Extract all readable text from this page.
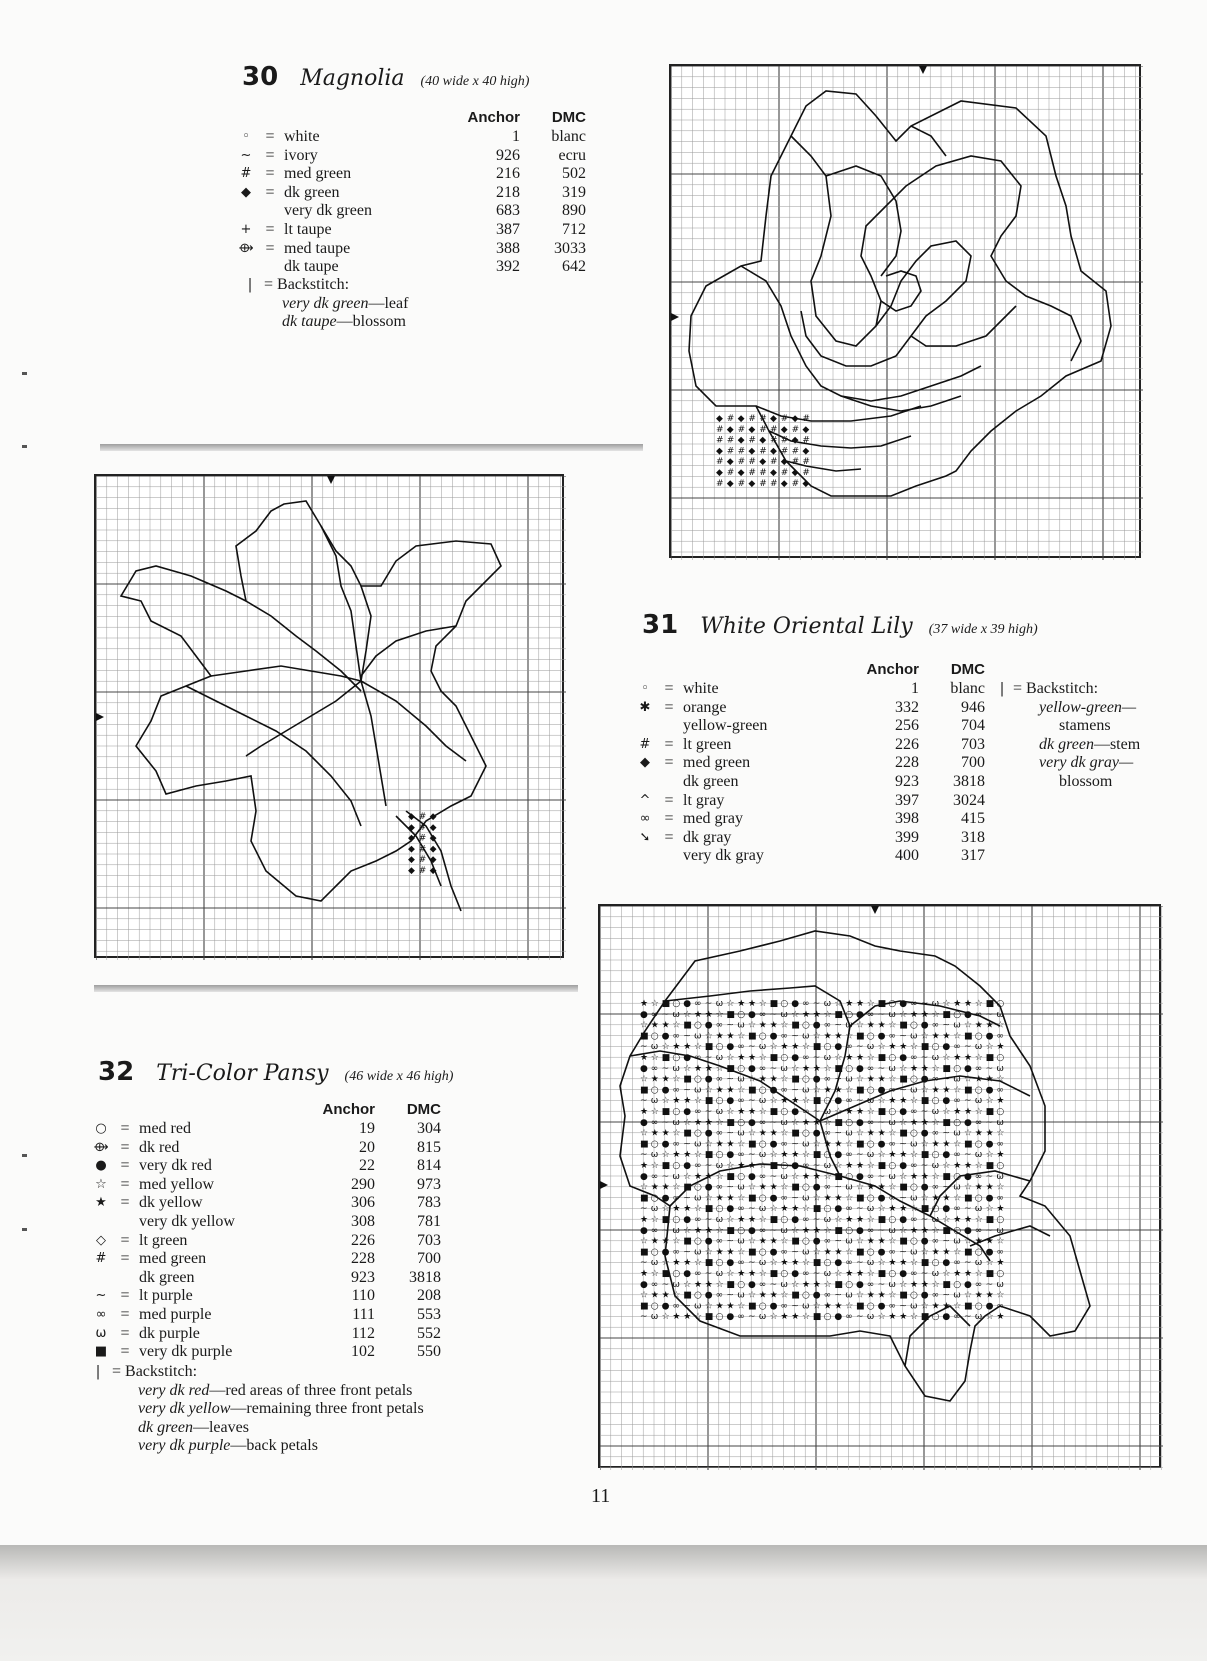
30 Magnolia (40 wide x 40 high)
			Anchor	DMC
◦	=	white	1	blanc
~	=	ivory	926	ecru
#	=	med green	216	502
◆	=	dk green	218	319
		very dk green	683	890
+	=	lt taupe	387	712
⟴	=	med taupe	388	3033
		dk taupe	392	642
| = Backstitch:
very dk green—leaf
dk taupe—blossom
◆ # ◆ # # ◆ # ◆ #
# ◆ # ◆ # # ◆ # ◆
# # ◆ # ◆ # # ◆ #
◆ # # ◆ # ◆ # # ◆
# ◆ # # ◆ # ◆ # #
◆ # ◆ # # ◆ # ◆ #
# ◆ # ◆ # # ◆ # ◆
31 White Oriental Lily (37 wide x 39 high)
			Anchor	DMC
◦	=	white	1	blanc
✱	=	orange	332	946
		yellow-green	256	704
#	=	lt green	226	703
◆	=	med green	228	700
		dk green	923	3818
^	=	lt gray	397	3024
∞	=	med gray	398	415
➘	=	dk gray	399	318
		very dk gray	400	317
| = Backstitch:
yellow-green—
stamens
dk green—stem
very dk gray—
blossom
◆ # ◆
◆ # ◆
◆ # ◆
◆ # ◆
◆ # ◆
◆ # ◆
32 Tri-Color Pansy (46 wide x 46 high)
			Anchor	DMC
○	=	med red	19	304
⟴	=	dk red	20	815
●	=	very dk red	22	814
☆	=	med yellow	290	973
★	=	dk yellow	306	783
		very dk yellow	308	781
◇	=	lt green	226	703
#	=	med green	228	700
		dk green	923	3818
~	=	lt purple	110	208
∞	=	med purple	111	553
ω	=	dk purple	112	552
■	=	very dk purple	102	550
| = Backstitch:
very dk red—red areas of three front petals
very dk yellow—remaining three front petals
dk green—leaves
very dk purple—back petals
★ ☆ ■ ○ ● ∞ ~ ω ☆ ★ ★ ☆ ■ ○ ● ∞ ~ ω ☆ ★ ★ ☆ ■ ○ ● ∞ ~ ω ☆ ★ ★ ☆ ■ ○
● ∞ ~ ω ☆ ★ ★ ☆ ■ ○ ● ∞ ~ ω ☆ ★ ★ ☆ ■ ○ ● ∞ ~ ω ☆ ★ ★ ☆ ■ ○ ● ∞ ~ ω
☆ ★ ★ ☆ ■ ○ ● ∞ ~ ω ☆ ★ ★ ☆ ■ ○ ● ∞ ~ ω ☆ ★ ★ ☆ ■ ○ ● ∞ ~ ω ☆ ★ ★ ☆
■ ○ ● ∞ ~ ω ☆ ★ ★ ☆ ■ ○ ● ∞ ~ ω ☆ ★ ★ ☆ ■ ○ ● ∞ ~ ω ☆ ★ ★ ☆ ■ ○ ● ∞
~ ω ☆ ★ ★ ☆ ■ ○ ● ∞ ~ ω ☆ ★ ★ ☆ ■ ○ ● ∞ ~ ω ☆ ★ ★ ☆ ■ ○ ● ∞ ~ ω ☆ ★
★ ☆ ■ ○ ● ∞ ~ ω ☆ ★ ★ ☆ ■ ○ ● ∞ ~ ω ☆ ★ ★ ☆ ■ ○ ● ∞ ~ ω ☆ ★ ★ ☆ ■ ○
● ∞ ~ ω ☆ ★ ★ ☆ ■ ○ ● ∞ ~ ω ☆ ★ ★ ☆ ■ ○ ● ∞ ~ ω ☆ ★ ★ ☆ ■ ○ ● ∞ ~ ω
☆ ★ ★ ☆ ■ ○ ● ∞ ~ ω ☆ ★ ★ ☆ ■ ○ ● ∞ ~ ω ☆ ★ ★ ☆ ■ ○ ● ∞ ~ ω ☆ ★ ★ ☆
■ ○ ● ∞ ~ ω ☆ ★ ★ ☆ ■ ○ ● ∞ ~ ω ☆ ★ ★ ☆ ■ ○ ● ∞ ~ ω ☆ ★ ★ ☆ ■ ○ ● ∞
~ ω ☆ ★ ★ ☆ ■ ○ ● ∞ ~ ω ☆ ★ ★ ☆ ■ ○ ● ∞ ~ ω ☆ ★ ★ ☆ ■ ○ ● ∞ ~ ω ☆ ★
★ ☆ ■ ○ ● ∞ ~ ω ☆ ★ ★ ☆ ■ ○ ● ∞ ~ ω ☆ ★ ★ ☆ ■ ○ ● ∞ ~ ω ☆ ★ ★ ☆ ■ ○
● ∞ ~ ω ☆ ★ ★ ☆ ■ ○ ● ∞ ~ ω ☆ ★ ★ ☆ ■ ○ ● ∞ ~ ω ☆ ★ ★ ☆ ■ ○ ● ∞ ~ ω
☆ ★ ★ ☆ ■ ○ ● ∞ ~ ω ☆ ★ ★ ☆ ■ ○ ● ∞ ~ ω ☆ ★ ★ ☆ ■ ○ ● ∞ ~ ω ☆ ★ ★ ☆
■ ○ ● ∞ ~ ω ☆ ★ ★ ☆ ■ ○ ● ∞ ~ ω ☆ ★ ★ ☆ ■ ○ ● ∞ ~ ω ☆ ★ ★ ☆ ■ ○ ● ∞
~ ω ☆ ★ ★ ☆ ■ ○ ● ∞ ~ ω ☆ ★ ★ ☆ ■ ○ ● ∞ ~ ω ☆ ★ ★ ☆ ■ ○ ● ∞ ~ ω ☆ ★
★ ☆ ■ ○ ● ∞ ~ ω ☆ ★ ★ ☆ ■ ○ ● ∞ ~ ω ☆ ★ ★ ☆ ■ ○ ● ∞ ~ ω ☆ ★ ★ ☆ ■ ○
● ∞ ~ ω ☆ ★ ★ ☆ ■ ○ ● ∞ ~ ω ☆ ★ ★ ☆ ■ ○ ● ∞ ~ ω ☆ ★ ★ ☆ ■ ○ ● ∞ ~ ω
☆ ★ ★ ☆ ■ ○ ● ∞ ~ ω ☆ ★ ★ ☆ ■ ○ ● ∞ ~ ω ☆ ★ ★ ☆ ■ ○ ● ∞ ~ ω ☆ ★ ★ ☆
■ ○ ● ∞ ~ ω ☆ ★ ★ ☆ ■ ○ ● ∞ ~ ω ☆ ★ ★ ☆ ■ ○ ● ∞ ~ ω ☆ ★ ★ ☆ ■ ○ ● ∞
~ ω ☆ ★ ★ ☆ ■ ○ ● ∞ ~ ω ☆ ★ ★ ☆ ■ ○ ● ∞ ~ ω ☆ ★ ★ ☆ ■ ○ ● ∞ ~ ω ☆ ★
★ ☆ ■ ○ ● ∞ ~ ω ☆ ★ ★ ☆ ■ ○ ● ∞ ~ ω ☆ ★ ★ ☆ ■ ○ ● ∞ ~ ω ☆ ★ ★ ☆ ■ ○
● ∞ ~ ω ☆ ★ ★ ☆ ■ ○ ● ∞ ~ ω ☆ ★ ★ ☆ ■ ○ ● ∞ ~ ω ☆ ★ ★ ☆ ■ ○ ● ∞ ~ ω
☆ ★ ★ ☆ ■ ○ ● ∞ ~ ω ☆ ★ ★ ☆ ■ ○ ● ∞ ~ ω ☆ ★ ★ ☆ ■ ○ ● ∞ ~ ω ☆ ★ ★ ☆
■ ○ ● ∞ ~ ω ☆ ★ ★ ☆ ■ ○ ● ∞ ~ ω ☆ ★ ★ ☆ ■ ○ ● ∞ ~ ω ☆ ★ ★ ☆ ■ ○ ● ∞
~ ω ☆ ★ ★ ☆ ■ ○ ● ∞ ~ ω ☆ ★ ★ ☆ ■ ○ ● ∞ ~ ω ☆ ★ ★ ☆ ■ ○ ● ∞ ~ ω ☆ ★
★ ☆ ■ ○ ● ∞ ~ ω ☆ ★ ★ ☆ ■ ○ ● ∞ ~ ω ☆ ★ ★ ☆ ■ ○ ● ∞ ~ ω ☆ ★ ★ ☆ ■ ○
● ∞ ~ ω ☆ ★ ★ ☆ ■ ○ ● ∞ ~ ω ☆ ★ ★ ☆ ■ ○ ● ∞ ~ ω ☆ ★ ★ ☆ ■ ○ ● ∞ ~ ω
☆ ★ ★ ☆ ■ ○ ● ∞ ~ ω ☆ ★ ★ ☆ ■ ○ ● ∞ ~ ω ☆ ★ ★ ☆ ■ ○ ● ∞ ~ ω ☆ ★ ★ ☆
■ ○ ● ∞ ~ ω ☆ ★ ★ ☆ ■ ○ ● ∞ ~ ω ☆ ★ ★ ☆ ■ ○ ● ∞ ~ ω ☆ ★ ★ ☆ ■ ○ ● ∞
~ ω ☆ ★ ★ ☆ ■ ○ ● ∞ ~ ω ☆ ★ ★ ☆ ■ ○ ● ∞ ~ ω ☆ ★ ★ ☆ ■ ○ ● ∞ ~ ω ☆ ★
11
